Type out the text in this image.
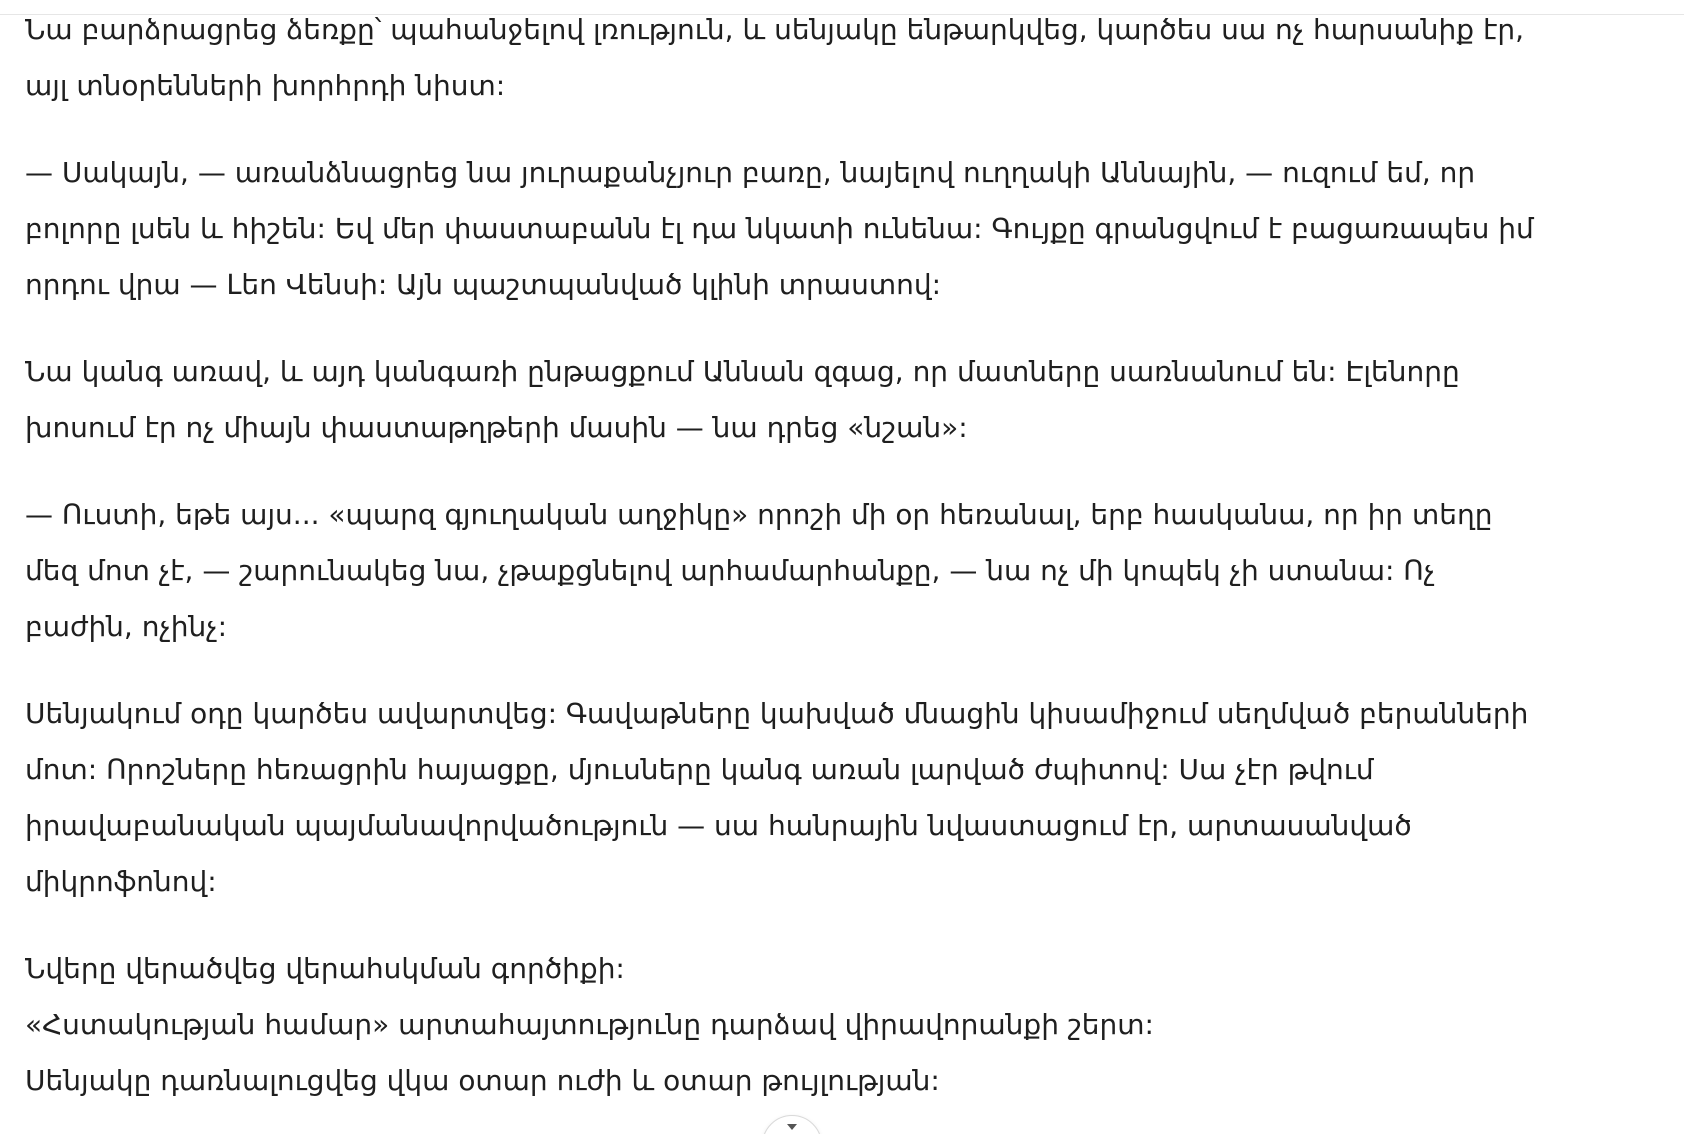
Նա բարձրացրեց ձեռքը՝ պահանջելով լռություն, և սենյակը ենթարկվեց, կարծես սա ոչ հարսանիք էր,
այլ տնօրենների խորհրդի նիստ:

— Սակայն, — առանձնացրեց նա յուրաքանչյուր բառը, նայելով ուղղակի Աննային, — ուզում եմ, որ
բոլորը լսեն և հիշեն: Եվ մեր փաստաբանն էլ դա նկատի ունենա: Գույքը գրանցվում է բացառապես իմ
որդու վրա — Լեո Վենսի: Այն պաշտպանված կլինի տրաստով:

Նա կանգ առավ, և այդ կանգառի ընթացքում Աննան զգաց, որ մատները սառնանում են: Էլենորը
խոսում էր ոչ միայն փաստաթղթերի մասին — նա դրեց «նշան»:

— Ուստի, եթե այս... «պարզ գյուղական աղջիկը» որոշի մի օր հեռանալ, երբ հասկանա, որ իր տեղը
մեզ մոտ չէ, — շարունակեց նա, չթաքցնելով արհամարհանքը, — նա ոչ մի կոպեկ չի ստանա: Ոչ
բաժին, ոչինչ:

Սենյակում օդը կարծես ավարտվեց: Գավաթները կախված մնացին կիսամիջում սեղմված բերանների
մոտ: Որոշները հեռացրին հայացքը, մյուսները կանգ առան լարված ժպիտով: Սա չէր թվում
իրավաբանական պայմանավորվածություն — սա հանրային նվաստացում էր, արտասանված
միկրոֆոնով:

Նվերը վերածվեց վերահսկման գործիքի:
«Հստակության համար» արտահայտությունը դարձավ վիրավորանքի շերտ:
Սենյակը դառնալուցվեց վկա օտար ուժի և օտար թույլության:
